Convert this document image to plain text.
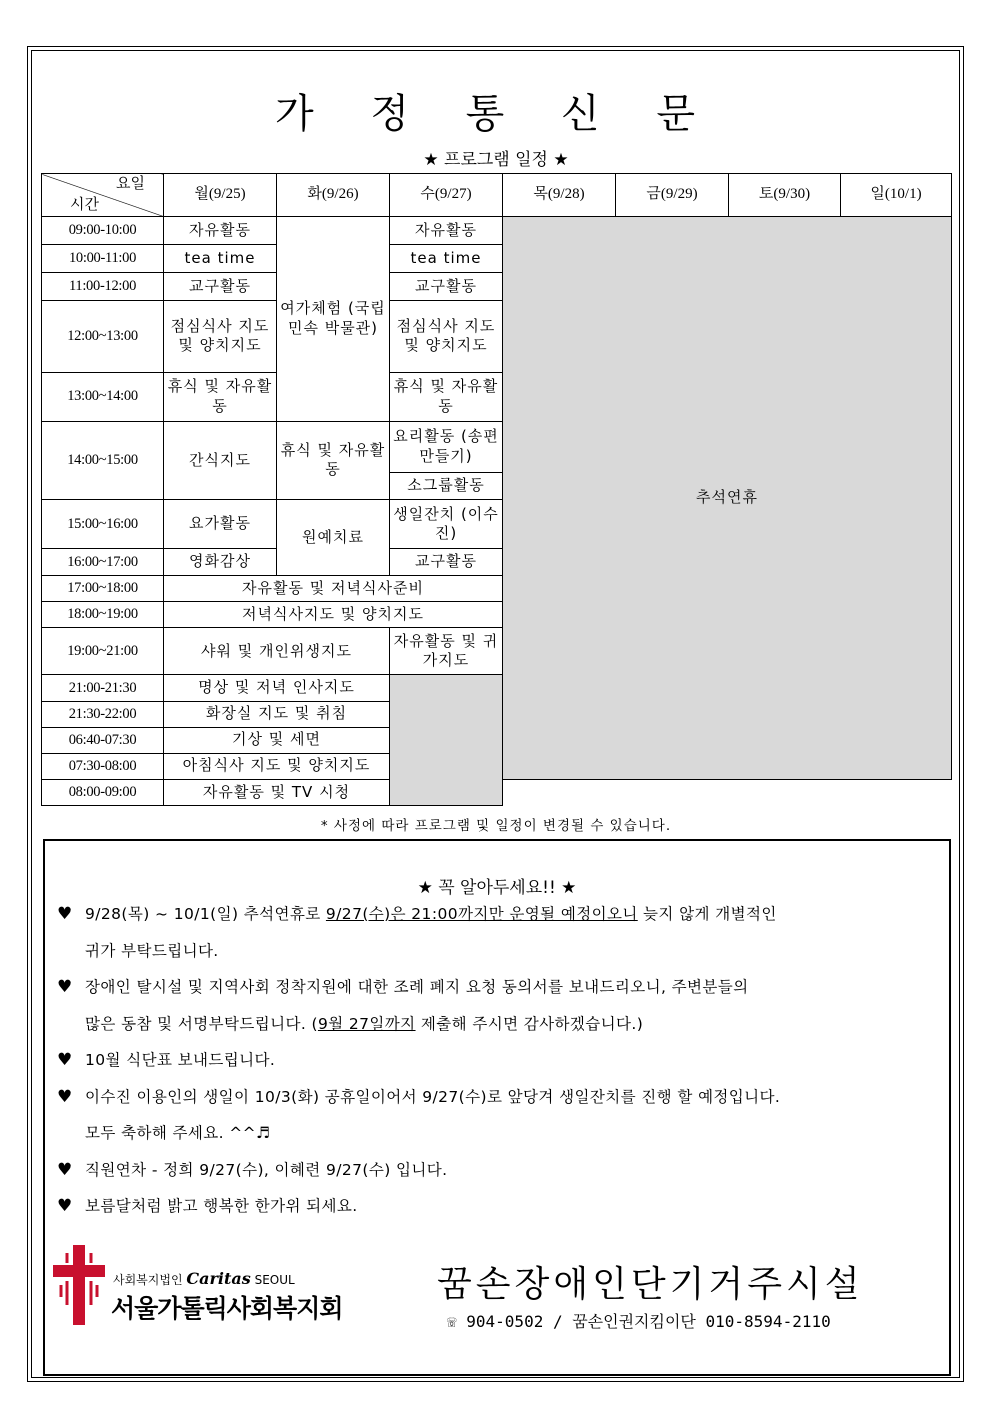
가 정 통 신 문
★ 프로그램 일정 ★
요일
시간	월(9/25)	화(9/26)	수(9/27)	목(9/28)	금(9/29)	토(9/30)	일(10/1)
09:00-10:00	자유활동	여가체험 (국립민속 박물관)	자유활동	추석연휴			
10:00-11:00	tea time		tea time				
11:00-12:00	교구활동		교구활동				
12:00~13:00	점심식사 지도 및 양치지도		점심식사 지도 및 양치지도				
13:00~14:00	휴식 및 자유활동		휴식 및 자유활동				
14:00~15:00	간식지도	휴식 및 자유활동	요리활동 (송편만들기)				
			소그룹활동				
15:00~16:00	요가활동	원예치료	생일잔치 (이수진)				
16:00~17:00	영화감상		교구활동				
17:00~18:00	자유활동 및 저녁식사준비						
18:00~19:00	저녁식사지도 및 양치지도						
19:00~21:00	샤워 및 개인위생지도		자유활동 및 귀가지도				
21:00-21:30	명상 및 저녁 인사지도						
21:30-22:00	화장실 지도 및 취침						
06:40-07:30	기상 및 세면						
07:30-08:00	아침식사 지도 및 양치지도						
08:00-09:00	자유활동 및 TV 시청						
* 사정에 따라 프로그램 및 일정이 변경될 수 있습니다.
★ 꼭 알아두세요!! ★
♥ 9/28(목) ~ 10/1(일) 추석연휴로 9/27(수)은 21:00까지만 운영될 예정이오니 늦지 않게 개별적인
귀가 부탁드립니다.
♥ 장애인 탈시설 및 지역사회 정착지원에 대한 조례 폐지 요청 동의서를 보내드리오니, 주변분들의
많은 동참 및 서명부탁드립니다. (9월 27일까지 제출해 주시면 감사하겠습니다.)
♥ 10월 식단표 보내드립니다.
♥ 이수진 이용인의 생일이 10/3(화) 공휴일이어서 9/27(수)로 앞당겨 생일잔치를 진행 할 예정입니다.
모두 축하해 주세요. ^^♬
♥ 직원연차 - 정희 9/27(수), 이혜련 9/27(수) 입니다.
♥ 보름달처럼 밝고 행복한 한가위 되세요.
사회복지법인 Caritas SEOUL
서울가톨릭사회복지회
꿈손장애인단기거주시설
☏ 904-0502 / 꿈손인권지킴이단 010-8594-2110
